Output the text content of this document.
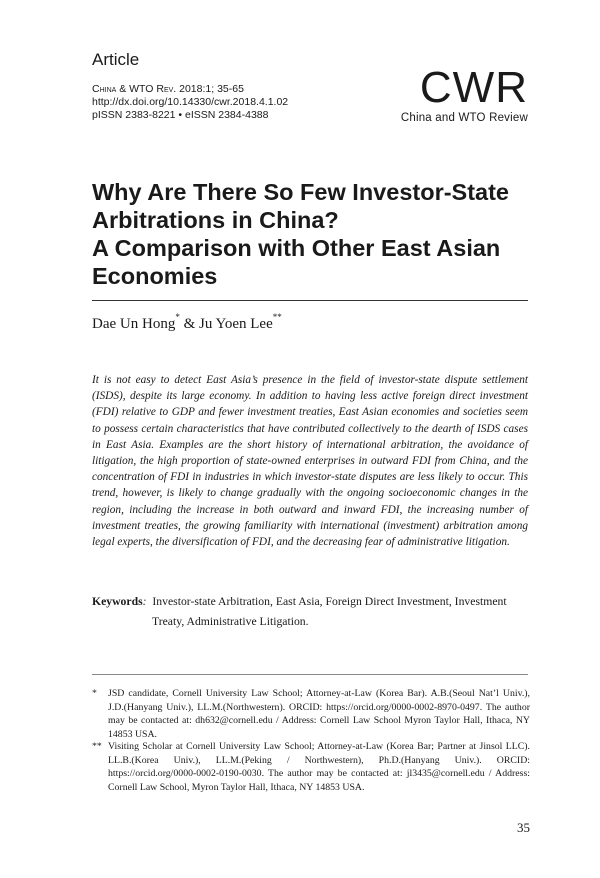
Article
China & WTO Rev. 2018:1; 35-65
http://dx.doi.org/10.14330/cwr.2018.4.1.02
pISSN 2383-8221 • eISSN 2384-4388
CWR
China and WTO Review
Why Are There So Few Investor-State
Arbitrations in China?
A Comparison with Other East Asian
Economies
Dae Un Hong* & Ju Yoen Lee**
It is not easy to detect East Asia’s presence in the field of investor-state dispute settlement (ISDS), despite its large economy. In addition to having less active foreign direct investment (FDI) relative to GDP and fewer investment treaties, East Asian economies and societies seem to possess certain characteristics that have contributed collectively to the dearth of ISDS cases in East Asia. Examples are the short history of international arbitration, the avoidance of litigation, the high proportion of state-owned enterprises in outward FDI from China, and the concentration of FDI in industries in which investor-state disputes are less likely to occur. This trend, however, is likely to change gradually with the ongoing socioeconomic changes in the region, including the increase in both outward and inward FDI, the increasing number of investment treaties, the growing familiarity with international (investment) arbitration among legal experts, the diversification of FDI, and the decreasing fear of administrative litigation.
Keywords: Investor-state Arbitration, East Asia, Foreign Direct Investment, Investment
Treaty, Administrative Litigation.
* JSD candidate, Cornell University Law School; Attorney-at-Law (Korea Bar). A.B.(Seoul Nat’l Univ.), J.D.(Hanyang Univ.), LL.M.(Northwestern). ORCID: https://orcid.org/0000-0002-8970-0497. The author may be contacted at: dh632@cornell.edu / Address: Cornell Law School Myron Taylor Hall, Ithaca, NY 14853 USA.
** Visiting Scholar at Cornell University Law School; Attorney-at-Law (Korea Bar; Partner at Jinsol LLC). LL.B.(Korea Univ.), LL.M.(Peking / Northwestern), Ph.D.(Hanyang Univ.). ORCID: https://orcid.org/0000-0002-0190-0030. The author may be contacted at: jl3435@cornell.edu / Address: Cornell Law School, Myron Taylor Hall, Ithaca, NY 14853 USA.
35
